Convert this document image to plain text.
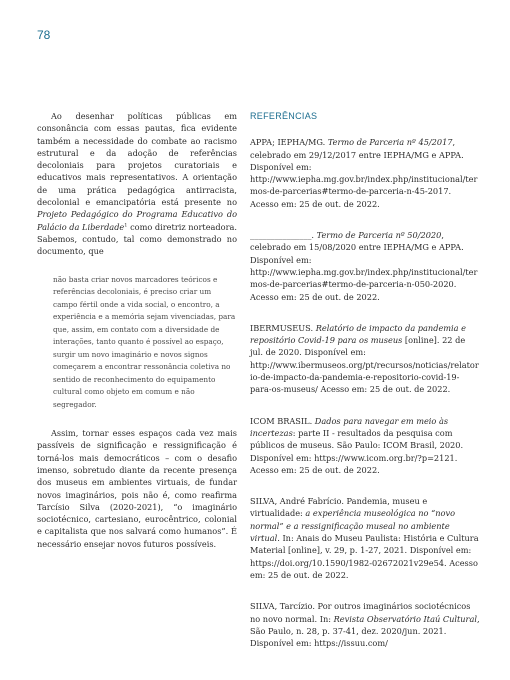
78

Ao desenhar políticas públicas em consonância com essas pautas, fica evidente também a necessidade do combate ao racismo estrutural e da adoção de referências decoloniais para projetos curatoriais e educativos mais representativos. A orientação de uma prática pedagógica antirracista, decolonial e emancipatória está presente no Projeto Pedagógico do Programa Educativo do Palácio da Liberdade$^1$ como diretriz norteadora. Sabemos, contudo, tal como demonstrado no documento, que

não basta criar novos marcadores teóricos e referências decoloniais, é preciso criar um campo fértil onde a vida social, o encontro, a experiência e a memória sejam vivenciadas, para que, assim, em contato com a diversidade de interações, tanto quanto é possível ao espaço, surgir um novo imaginário e novos signos começarem a encontrar ressonância coletiva no sentido de reconhecimento do equipamento cultural como objeto em comum e não segregador.

Assim, tornar esses espaços cada vez mais passíveis de significação e ressignificação é torná-los mais democráticos – com o desafio imenso, sobretudo diante da recente presença dos museus em ambientes virtuais, de fundar novos imaginários, pois não é, como reafirma Tarcísio Silva (2020-2021), “o imaginário sociotécnico, cartesiano, eurocêntrico, colonial e capitalista que nos salvará como humanos”. É necessário ensejar novos futuros possíveis.

REFERÊNCIAS

APPA; IEPHA/MG. Termo de Parceria nº 45/2017, celebrado em 29/12/2017 entre IEPHA/MG e APPA. Disponível em: http://www.iepha.mg.gov.br/index.php/institucional/termos-de-parcerias#termo-de-parceria-n-45-2017. Acesso em: 25 de out. de 2022.

_______________. Termo de Parceria nº 50/2020, celebrado em 15/08/2020 entre IEPHA/MG e APPA. Disponível em: http://www.iepha.mg.gov.br/index.php/institucional/termos-de-parcerias#termo-de-parceria-n-050-2020. Acesso em: 25 de out. de 2022.

IBERMUSEUS. Relatório de impacto da pandemia e repositório Covid-19 para os museus [online]. 22 de jul. de 2020. Disponível em: http://www.ibermuseos.org/pt/recursos/noticias/relatorio-de-impacto-da-pandemia-e-repositorio-covid-19-para-os-museus/ Acesso em: 25 de out. de 2022.

ICOM BRASIL. Dados para navegar em meio às incertezas: parte II - resultados da pesquisa com públicos de museus. São Paulo: ICOM Brasil, 2020. Disponível em: https://www.icom.org.br/?p=2121. Acesso em: 25 de out. de 2022.

SILVA, André Fabrício. Pandemia, museu e virtualidade: a experiência museológica no “novo normal” e a ressignificação museal no ambiente virtual. In: Anais do Museu Paulista: História e Cultura Material [online], v. 29, p. 1-27, 2021. Disponível em: https://doi.org/10.1590/1982-02672021v29e54. Acesso em: 25 de out. de 2022.

SILVA, Tarcízio. Por outros imaginários sociotécnicos no novo normal. In: Revista Observatório Itaú Cultural, São Paulo, n. 28, p. 37-41, dez. 2020/jun. 2021. Disponível em: https://issuu.com/
